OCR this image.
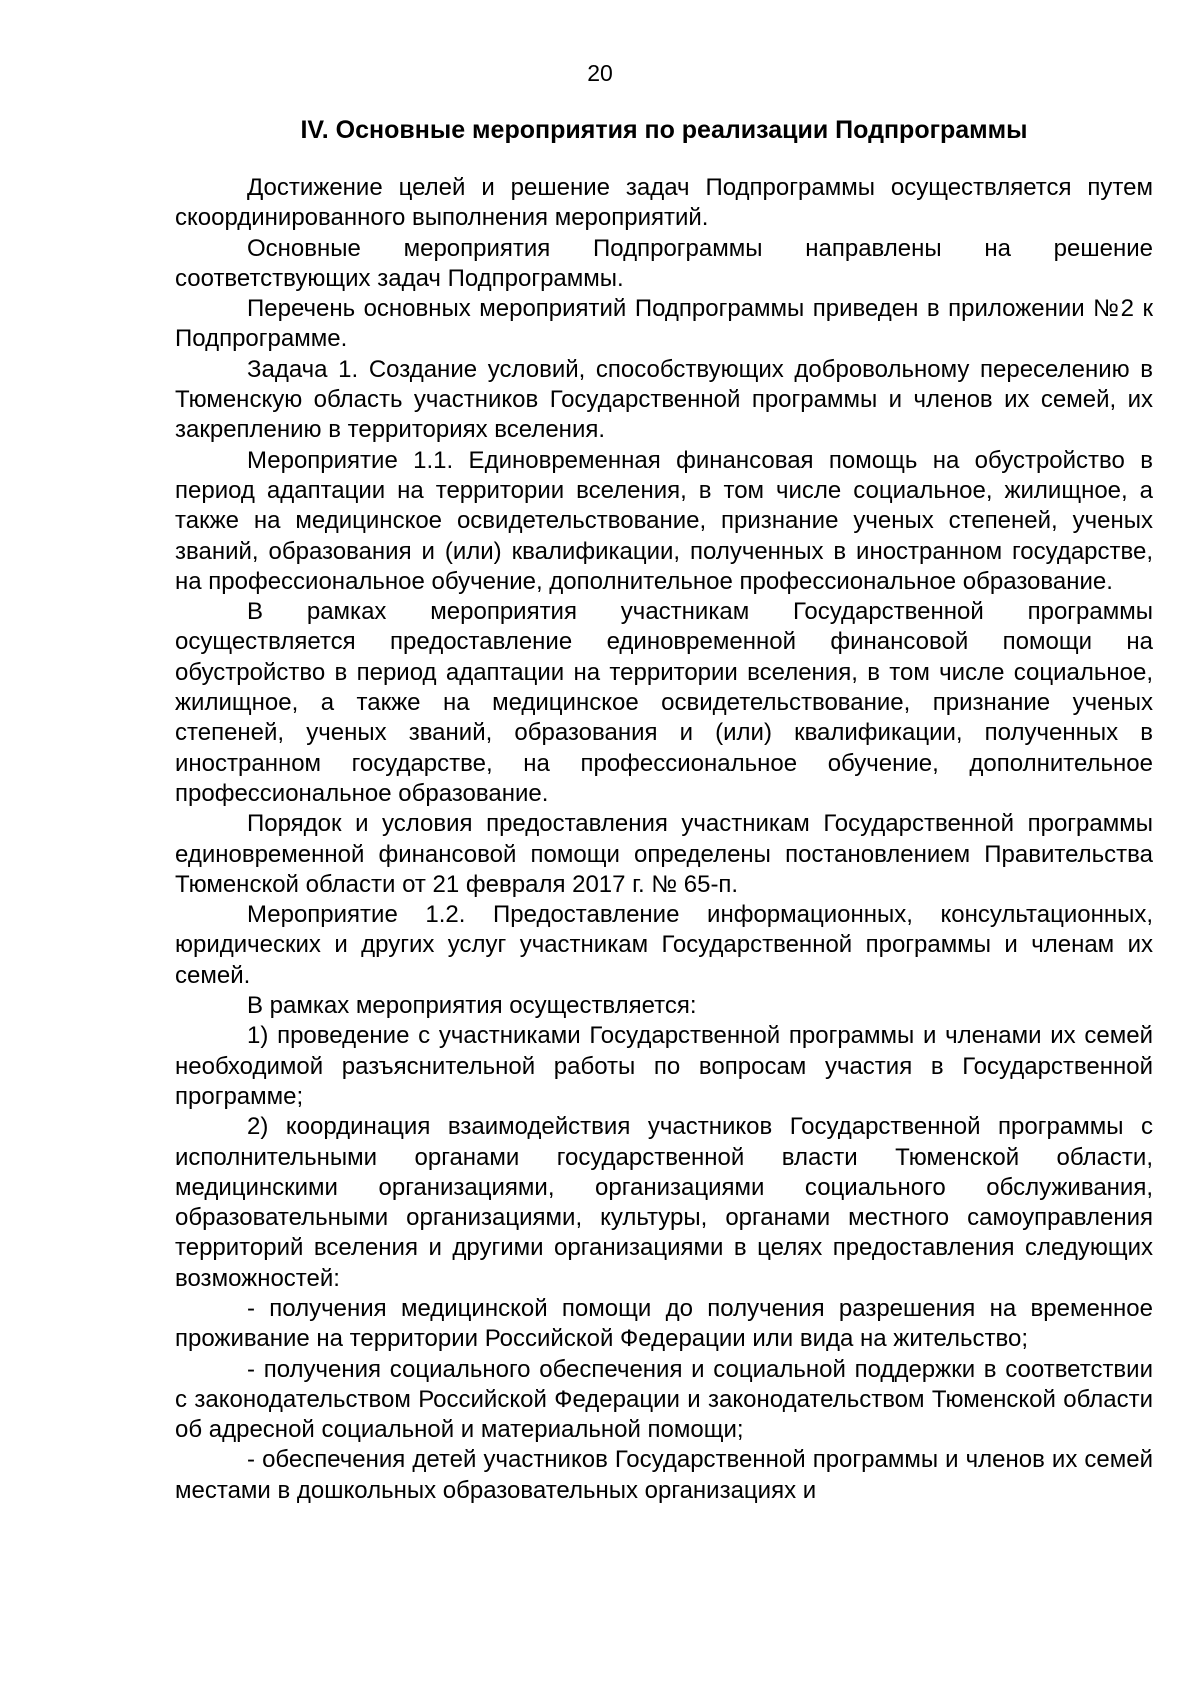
20
IV. Основные мероприятия по реализации Подпрограммы

Достижение целей и решение задач Подпрограммы осуществляется путем скоординированного выполнения мероприятий.

Основные мероприятия Подпрограммы направлены на решение соответствующих задач Подпрограммы.

Перечень основных мероприятий Подпрограммы приведен в приложении №2 к Подпрограмме.

Задача 1. Создание условий, способствующих добровольному переселению в Тюменскую область участников Государственной программы и членов их семей, их закреплению в территориях вселения.

Мероприятие 1.1. Единовременная финансовая помощь на обустройство в период адаптации на территории вселения, в том числе социальное, жилищное, а также на медицинское освидетельствование, признание ученых степеней, ученых званий, образования и (или) квалификации, полученных в иностранном государстве, на профессиональное обучение, дополнительное профессиональное образование.

В рамках мероприятия участникам Государственной программы осуществляется предоставление единовременной финансовой помощи на обустройство в период адаптации на территории вселения, в том числе социальное, жилищное, а также на медицинское освидетельствование, признание ученых степеней, ученых званий, образования и (или) квалификации, полученных в иностранном государстве, на профессиональное обучение, дополнительное профессиональное образование.

Порядок и условия предоставления участникам Государственной программы единовременной финансовой помощи определены постановлением Правительства Тюменской области от 21 февраля 2017 г. № 65-п.

Мероприятие 1.2. Предоставление информационных, консультационных, юридических и других услуг участникам Государственной программы и членам их семей.

В рамках мероприятия осуществляется:

1) проведение с участниками Государственной программы и членами их семей необходимой разъяснительной работы по вопросам участия в Государственной программе;

2) координация взаимодействия участников Государственной программы с исполнительными органами государственной власти Тюменской области, медицинскими организациями, организациями социального обслуживания, образовательными организациями, культуры, органами местного самоуправления территорий вселения и другими организациями в целях предоставления следующих возможностей:

- получения медицинской помощи до получения разрешения на временное проживание на территории Российской Федерации или вида на жительство;

- получения социального обеспечения и социальной поддержки в соответствии с законодательством Российской Федерации и законодательством Тюменской области об адресной социальной и материальной помощи;

- обеспечения детей участников Государственной программы и членов их семей местами в дошкольных образовательных организациях и
